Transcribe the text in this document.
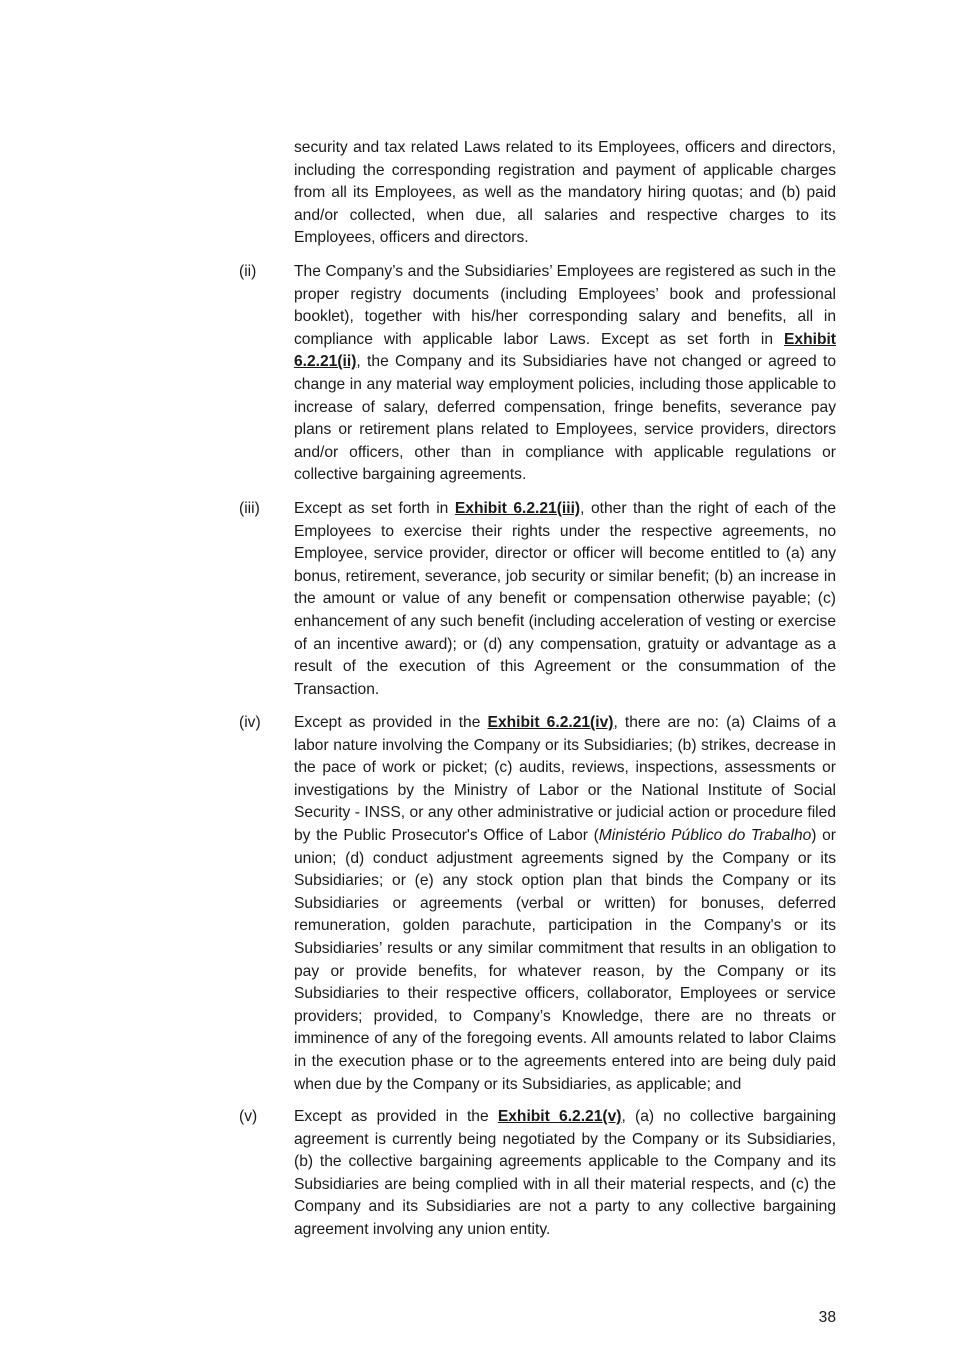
security and tax related Laws related to its Employees, officers and directors, including the corresponding registration and payment of applicable charges from all its Employees, as well as the mandatory hiring quotas; and (b) paid and/or collected, when due, all salaries and respective charges to its Employees, officers and directors.

(ii) The Company’s and the Subsidiaries’ Employees are registered as such in the proper registry documents (including Employees’ book and professional booklet), together with his/her corresponding salary and benefits, all in compliance with applicable labor Laws. Except as set forth in Exhibit 6.2.21(ii), the Company and its Subsidiaries have not changed or agreed to change in any material way employment policies, including those applicable to increase of salary, deferred compensation, fringe benefits, severance pay plans or retirement plans related to Employees, service providers, directors and/or officers, other than in compliance with applicable regulations or collective bargaining agreements.

(iii) Except as set forth in Exhibit 6.2.21(iii), other than the right of each of the Employees to exercise their rights under the respective agreements, no Employee, service provider, director or officer will become entitled to (a) any bonus, retirement, severance, job security or similar benefit; (b) an increase in the amount or value of any benefit or compensation otherwise payable; (c) enhancement of any such benefit (including acceleration of vesting or exercise of an incentive award); or (d) any compensation, gratuity or advantage as a result of the execution of this Agreement or the consummation of the Transaction.

(iv) Except as provided in the Exhibit 6.2.21(iv), there are no: (a) Claims of a labor nature involving the Company or its Subsidiaries; (b) strikes, decrease in the pace of work or picket; (c) audits, reviews, inspections, assessments or investigations by the Ministry of Labor or the National Institute of Social Security - INSS, or any other administrative or judicial action or procedure filed by the Public Prosecutor's Office of Labor (Ministério Público do Trabalho) or union; (d) conduct adjustment agreements signed by the Company or its Subsidiaries; or (e) any stock option plan that binds the Company or its Subsidiaries or agreements (verbal or written) for bonuses, deferred remuneration, golden parachute, participation in the Company's or its Subsidiaries’ results or any similar commitment that results in an obligation to pay or provide benefits, for whatever reason, by the Company or its Subsidiaries to their respective officers, collaborator, Employees or service providers; provided, to Company’s Knowledge, there are no threats or imminence of any of the foregoing events. All amounts related to labor Claims in the execution phase or to the agreements entered into are being duly paid when due by the Company or its Subsidiaries, as applicable; and

(v) Except as provided in the Exhibit 6.2.21(v), (a) no collective bargaining agreement is currently being negotiated by the Company or its Subsidiaries, (b) the collective bargaining agreements applicable to the Company and its Subsidiaries are being complied with in all their material respects, and (c) the Company and its Subsidiaries are not a party to any collective bargaining agreement involving any union entity.

38
